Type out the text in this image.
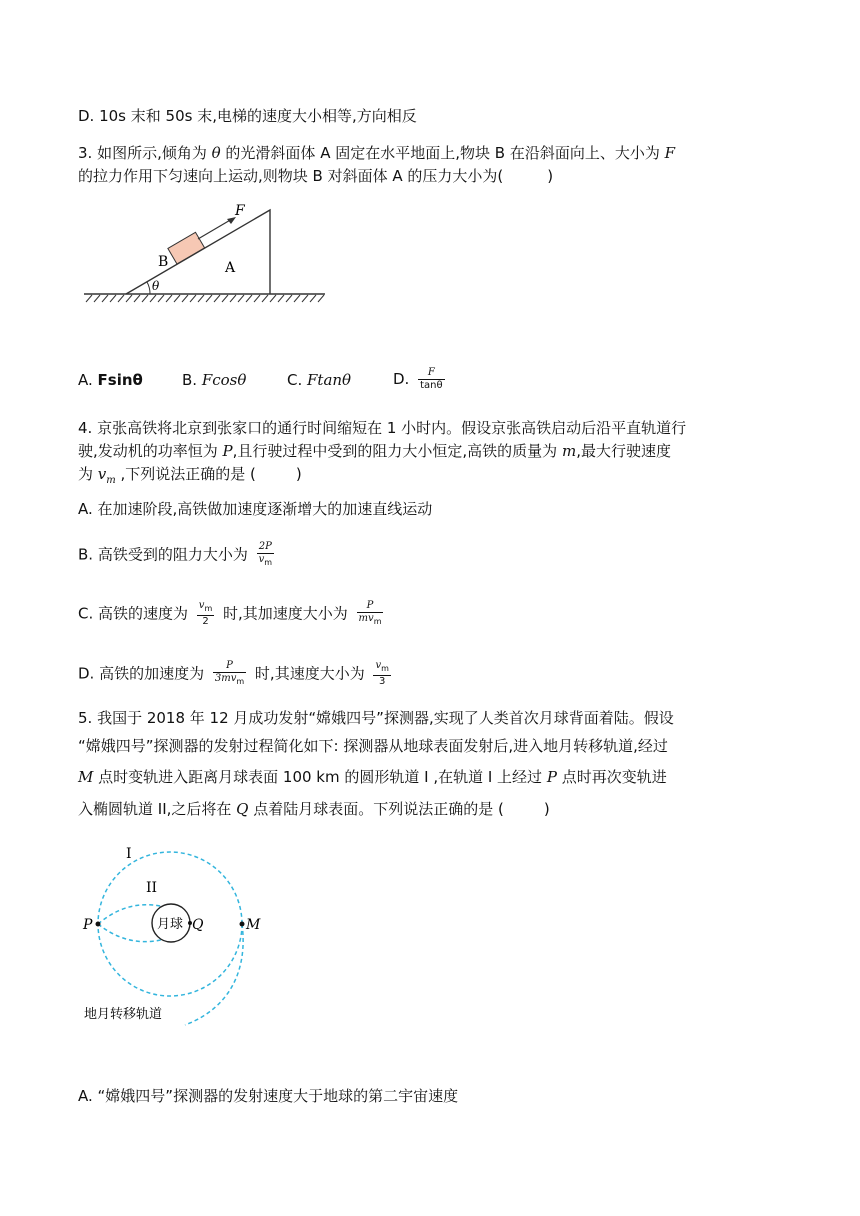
D. 10s 末和 50s 末,电梯的速度大小相等,方向相反
3. 如图所示,倾角为 θ 的光滑斜面体 A 固定在水平地面上,物块 B 在沿斜面向上、大小为 F
的拉力作用下匀速向上运动,则物块 B 对斜面体 A 的压力大小为(	)
F
B	A
θ
A. Fsinθ	B. Fcosθ	C. Ftanθ	D. $\frac{F}{\tan\theta}$
4. 京张高铁将北京到张家口的通行时间缩短在 1 小时内。假设京张高铁启动后沿平直轨道行
驶,发动机的功率恒为 P,且行驶过程中受到的阻力大小恒定,高铁的质量为 m,最大行驶速度
为 $v_m$ ,下列说法正确的是 (	)
A. 在加速阶段,高铁做加速度逐渐增大的加速直线运动
B. 高铁受到的阻力大小为 $\frac{2P}{v_m}$
C. 高铁的速度为 $\frac{v_m}{2}$ 时,其加速度大小为 $\frac{P}{mv_m}$
D. 高铁的加速度为 $\frac{P}{3mv_m}$ 时,其速度大小为 $\frac{v_m}{3}$
5. 我国于 2018 年 12 月成功发射“嫦娥四号”探测器,实现了人类首次月球背面着陆。假设
“嫦娥四号”探测器的发射过程简化如下: 探测器从地球表面发射后,进入地月转移轨道,经过
M 点时变轨进入距离月球表面 100 km 的圆形轨道 I ,在轨道 I 上经过 P 点时再次变轨进
入椭圆轨道 II,之后将在 Q 点着陆月球表面。下列说法正确的是 (	)
I
II
P	月球 Q	M
地月转移轨道
A. “嫦娥四号”探测器的发射速度大于地球的第二宇宙速度
